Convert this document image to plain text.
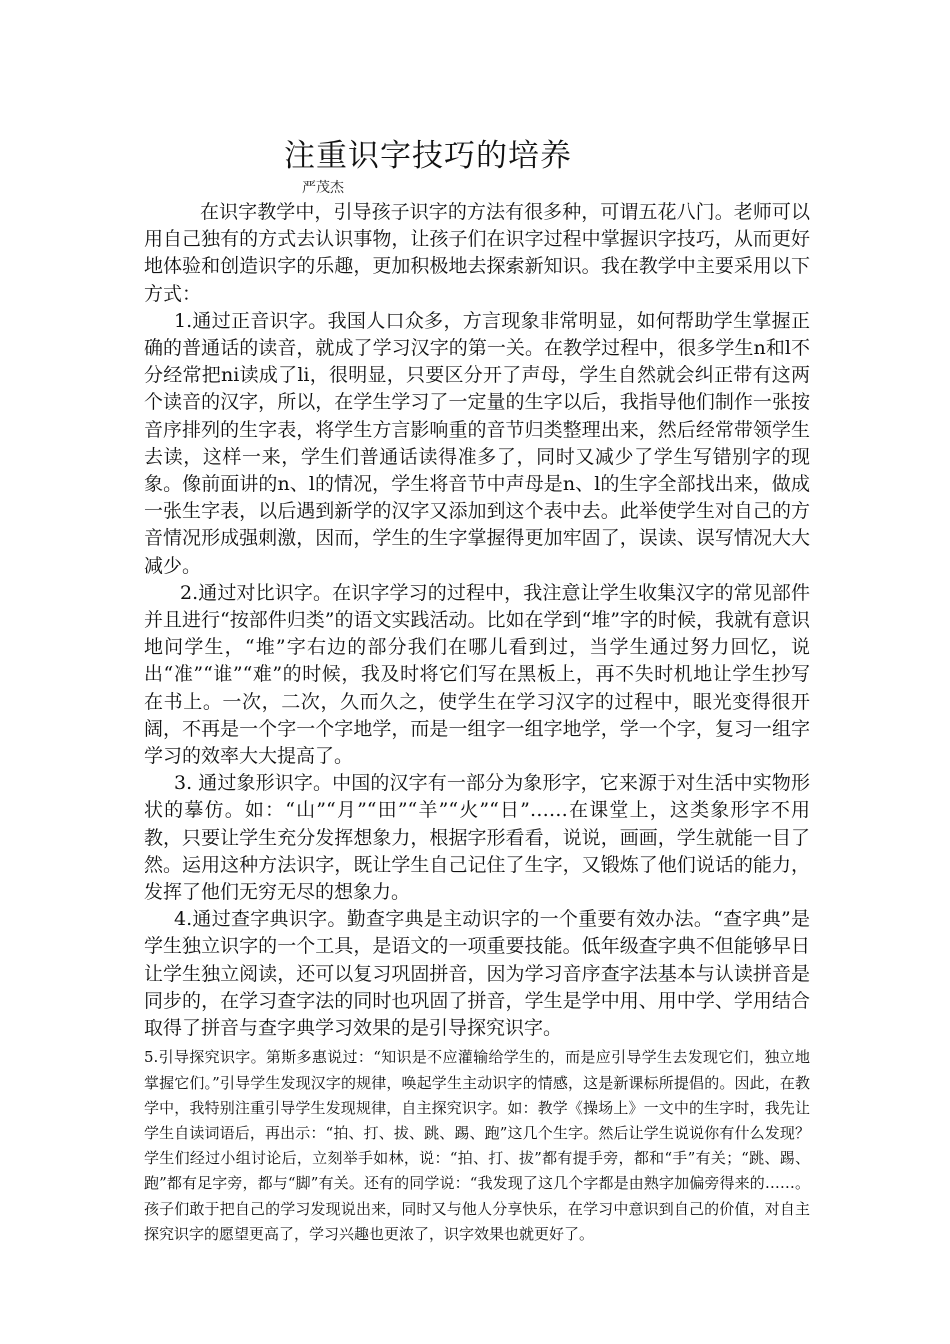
注重识字技巧的培养
严茂杰

在识字教学中，引导孩子识字的方法有很多种，可谓五花八门。老师可以用自己独有的方式去认识事物，让孩子们在识字过程中掌握识字技巧，从而更好地体验和创造识字的乐趣，更加积极地去探索新知识。我在教学中主要采用以下方式：

1.通过正音识字。我国人口众多，方言现象非常明显，如何帮助学生掌握正确的普通话的读音，就成了学习汉字的第一关。在教学过程中，很多学生n和l不分经常把ni读成了li，很明显，只要区分开了声母，学生自然就会纠正带有这两个读音的汉字，所以，在学生学习了一定量的生字以后，我指导他们制作一张按音序排列的生字表，将学生方言影响重的音节归类整理出来，然后经常带领学生去读，这样一来，学生们普通话读得准多了，同时又减少了学生写错别字的现象。像前面讲的n、l的情况，学生将音节中声母是n、l的生字全部找出来，做成一张生字表，以后遇到新学的汉字又添加到这个表中去。此举使学生对自己的方音情况形成强刺激，因而，学生的生字掌握得更加牢固了，误读、误写情况大大减少。

2.通过对比识字。在识字学习的过程中，我注意让学生收集汉字的常见部件并且进行“按部件归类”的语文实践活动。比如在学到“堆”字的时候，我就有意识地问学生，“堆”字右边的部分我们在哪儿看到过，当学生通过努力回忆，说出“准”“谁”“难”的时候，我及时将它们写在黑板上，再不失时机地让学生抄写在书上。一次，二次，久而久之，使学生在学习汉字的过程中，眼光变得很开阔，不再是一个字一个字地学，而是一组字一组字地学，学一个字，复习一组字学习的效率大大提高了。

3. 通过象形识字。中国的汉字有一部分为象形字，它来源于对生活中实物形状的摹仿。如：“山”“月”“田”“羊”“火”“日”……在课堂上，这类象形字不用教，只要让学生充分发挥想象力，根据字形看看，说说，画画，学生就能一目了然。运用这种方法识字，既让学生自己记住了生字，又锻炼了他们说话的能力，发挥了他们无穷无尽的想象力。

4.通过查字典识字。勤查字典是主动识字的一个重要有效办法。“查字典”是学生独立识字的一个工具，是语文的一项重要技能。低年级查字典不但能够早日让学生独立阅读，还可以复习巩固拼音，因为学习音序查字法基本与认读拼音是同步的，在学习查字法的同时也巩固了拼音，学生是学中用、用中学、学用结合取得了拼音与查字典学习效果的是引导探究识字。

5.引导探究识字。第斯多惠说过：“知识是不应灌输给学生的，而是应引导学生去发现它们，独立地掌握它们。”引导学生发现汉字的规律，唤起学生主动识字的情感，这是新课标所提倡的。因此，在教学中，我特别注重引导学生发现规律，自主探究识字。如：教学《操场上》一文中的生字时，我先让学生自读词语后，再出示：“拍、打、拔、跳、踢、跑”这几个生字。然后让学生说说你有什么发现？学生们经过小组讨论后，立刻举手如林，说：“拍、打、拔”都有提手旁，都和“手”有关；“跳、踢、跑”都有足字旁，都与“脚”有关。还有的同学说：“我发现了这几个字都是由熟字加偏旁得来的……。孩子们敢于把自己的学习发现说出来，同时又与他人分享快乐，在学习中意识到自己的价值，对自主探究识字的愿望更高了，学习兴趣也更浓了，识字效果也就更好了。
